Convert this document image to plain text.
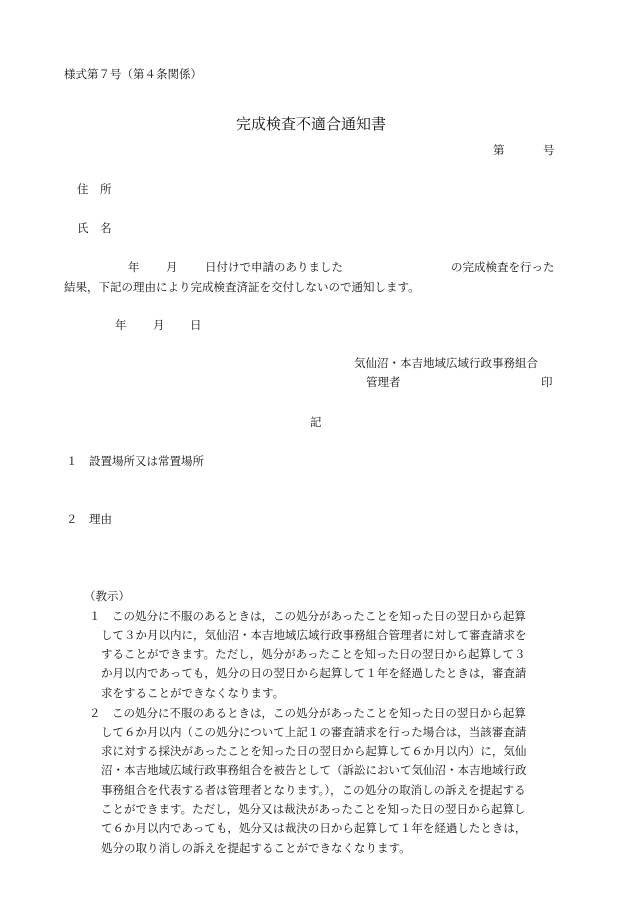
様式第７号（第４条関係）
完成検査不適合通知書
第	号
住　所
氏　名
年 月 日付けで申請のありました	の完成検査を行った
結果，下記の理由により完成検査済証を交付しないので通知します。
年 月 日
気仙沼・本吉地域広域行政事務組合
管理者	印
記
１ 設置場所又は常置場所
２ 理由
（教示）
１　この処分に不服のあるときは，この処分があったことを知った日の翌日から起算
して３か月以内に，気仙沼・本吉地域広域行政事務組合管理者に対して審査請求を
することができます。ただし，処分があったことを知った日の翌日から起算して３
か月以内であっても，処分の日の翌日から起算して１年を経過したときは，審査請
求をすることができなくなります。
２　この処分に不服のあるときは，この処分があったことを知った日の翌日から起算
して６か月以内（この処分について上記１の審査請求を行った場合は，当該審査請
求に対する採決があったことを知った日の翌日から起算して６か月以内）に，気仙
沼・本吉地域広域行政事務組合を被告として（訴訟において気仙沼・本吉地域行政
事務組合を代表する者は管理者となります。），この処分の取消しの訴えを提起する
ことができます。ただし，処分又は裁決があったことを知った日の翌日から起算し
て６か月以内であっても，処分又は裁決の日から起算して１年を経過したときは，
処分の取り消しの訴えを提起することができなくなります。
